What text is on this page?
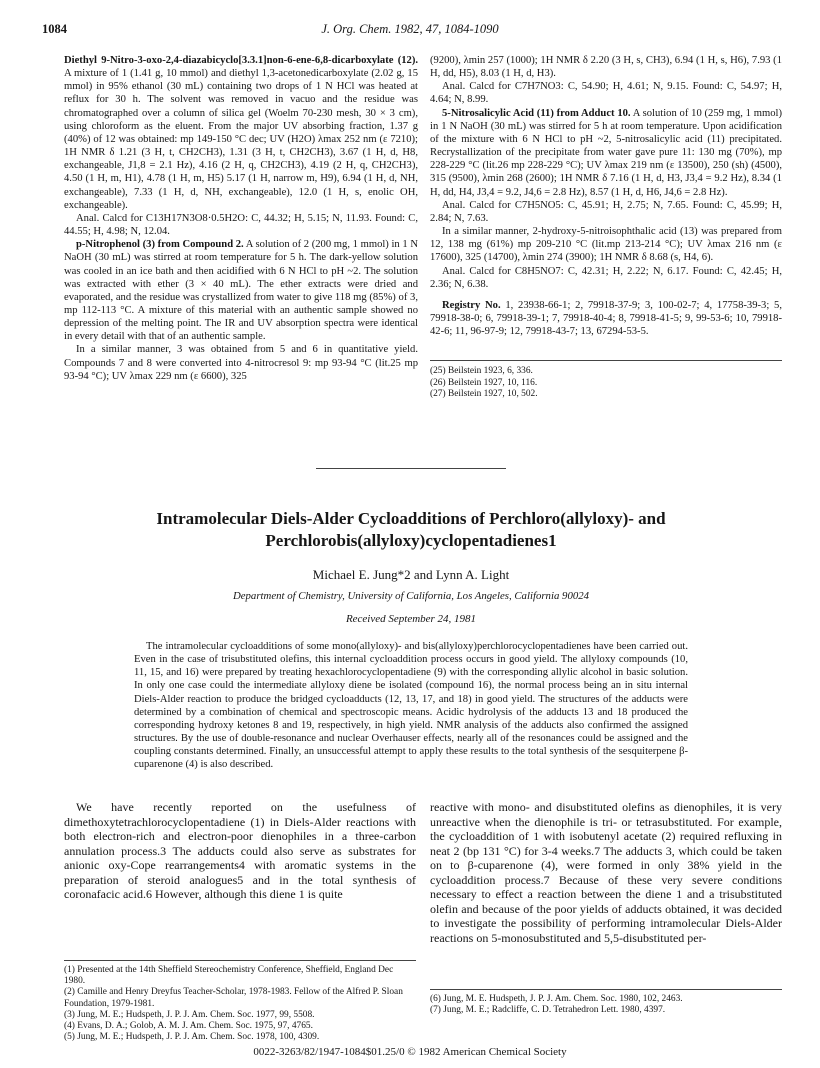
1084	J. Org. Chem. 1982, 47, 1084-1090

Diethyl 9-Nitro-3-oxo-2,4-diazabicyclo[3.3.1]non-6-ene-6,8-dicarboxylate (12). A mixture of 1 (1.41 g, 10 mmol) and diethyl 1,3-acetonedicarboxylate (2.02 g, 15 mmol) in 95% ethanol (30 mL) containing two drops of 1 N HCl was heated at reflux for 30 h. The solvent was removed in vacuo and the residue was chromatographed over a column of silica gel (Woelm 70-230 mesh, 30 × 3 cm), using chloroform as the eluent. From the major UV absorbing fraction, 1.37 g (40%) of 12 was obtained: mp 149-150 °C dec; UV (H2O) λmax 252 nm (ε 7210); 1H NMR δ 1.21 (3 H, t, CH2CH3), 1.31 (3 H, t, CH2CH3), 3.67 (1 H, d, H8, exchangeable, J1,8 = 2.1 Hz), 4.16 (2 H, q, CH2CH3), 4.19 (2 H, q, CH2CH3), 4.50 (1 H, m, H1), 4.78 (1 H, m, H5) 5.17 (1 H, narrow m, H9), 6.94 (1 H, d, NH, exchangeable), 7.33 (1 H, d, NH, exchangeable), 12.0 (1 H, s, enolic OH, exchangeable).

Anal. Calcd for C13H17N3O8·0.5H2O: C, 44.32; H, 5.15; N, 11.93. Found: C, 44.55; H, 4.98; N, 12.04.

p-Nitrophenol (3) from Compound 2. A solution of 2 (200 mg, 1 mmol) in 1 N NaOH (30 mL) was stirred at room temperature for 5 h. The dark-yellow solution was cooled in an ice bath and then acidified with 6 N HCl to pH ~2. The solution was extracted with ether (3 × 40 mL). The ether extracts were dried and evaporated, and the residue was crystallized from water to give 118 mg (85%) of 3, mp 112-113 °C. A mixture of this material with an authentic sample showed no depression of the melting point. The IR and UV absorption spectra were identical in every detail with that of an authentic sample.

In a similar manner, 3 was obtained from 5 and 6 in quantitative yield. Compounds 7 and 8 were converted into 4-nitrocresol 9: mp 93-94 °C (lit.25 mp 93-94 °C); UV λmax 229 nm (ε 6600), 325

(9200), λmin 257 (1000); 1H NMR δ 2.20 (3 H, s, CH3), 6.94 (1 H, s, H6), 7.93 (1 H, dd, H5), 8.03 (1 H, d, H3).

Anal. Calcd for C7H7NO3: C, 54.90; H, 4.61; N, 9.15. Found: C, 54.97; H, 4.64; N, 8.99.

5-Nitrosalicylic Acid (11) from Adduct 10. A solution of 10 (259 mg, 1 mmol) in 1 N NaOH (30 mL) was stirred for 5 h at room temperature. Upon acidification of the mixture with 6 N HCl to pH ~2, 5-nitrosalicylic acid (11) precipitated. Recrystallization of the precipitate from water gave pure 11: 130 mg (70%), mp 228-229 °C (lit.26 mp 228-229 °C); UV λmax 219 nm (ε 13500), 250 (sh) (4500), 315 (9500), λmin 268 (2600); 1H NMR δ 7.16 (1 H, d, H3, J3,4 = 9.2 Hz), 8.34 (1 H, dd, H4, J3,4 = 9.2, J4,6 = 2.8 Hz), 8.57 (1 H, d, H6, J4,6 = 2.8 Hz).

Anal. Calcd for C7H5NO5: C, 45.91; H, 2.75; N, 7.65. Found: C, 45.99; H, 2.84; N, 7.63.

In a similar manner, 2-hydroxy-5-nitroisophthalic acid (13) was prepared from 12, 138 mg (61%) mp 209-210 °C (lit.mp 213-214 °C); UV λmax 216 nm (ε 17600), 325 (14700), λmin 274 (3900); 1H NMR δ 8.68 (s, H4, 6).

Anal. Calcd for C8H5NO7: C, 42.31; H, 2.22; N, 6.17. Found: C, 42.45; H, 2.36; N, 6.38.

Registry No. 1, 23938-66-1; 2, 79918-37-9; 3, 100-02-7; 4, 17758-39-3; 5, 79918-38-0; 6, 79918-39-1; 7, 79918-40-4; 8, 79918-41-5; 9, 99-53-6; 10, 79918-42-6; 11, 96-97-9; 12, 79918-43-7; 13, 67294-53-5.

(25) Beilstein 1923, 6, 336.
(26) Beilstein 1927, 10, 116.
(27) Beilstein 1927, 10, 502.
Intramolecular Diels-Alder Cycloadditions of Perchloro(allyloxy)- and Perchlorobis(allyloxy)cyclopentadienes1
Michael E. Jung*2 and Lynn A. Light
Department of Chemistry, University of California, Los Angeles, California 90024
Received September 24, 1981
The intramolecular cycloadditions of some mono(allyloxy)- and bis(allyloxy)perchlorocyclopentadienes have been carried out. Even in the case of trisubstituted olefins, this internal cycloaddition process occurs in good yield. The allyloxy compounds (10, 11, 15, and 16) were prepared by treating hexachlorocyclopentadiene (9) with the corresponding allylic alcohol in basic solution. In only one case could the intermediate allyloxy diene be isolated (compound 16), the normal process being an in situ internal Diels-Alder reaction to produce the bridged cycloadducts (12, 13, 17, and 18) in good yield. The structures of the adducts were determined by a combination of chemical and spectroscopic means. Acidic hydrolysis of the adducts 13 and 18 produced the corresponding hydroxy ketones 8 and 19, respectively, in high yield. NMR analysis of the adducts also confirmed the assigned structures. By the use of double-resonance and nuclear Overhauser effects, nearly all of the resonances could be assigned and the coupling constants determined. Finally, an unsuccessful attempt to apply these results to the total synthesis of the sesquiterpene β-cuparenone (4) is also described.

We have recently reported on the usefulness of dimethoxytetrachlorocyclopentadiene (1) in Diels-Alder reactions with both electron-rich and electron-poor dienophiles in a three-carbon annulation process.3 The adducts could also serve as substrates for anionic oxy-Cope rearrangements4 with aromatic systems in the preparation of steroid analogues5 and in the total synthesis of coronafacic acid.6 However, although this diene 1 is quite

reactive with mono- and disubstituted olefins as dienophiles, it is very unreactive when the dienophile is tri- or tetrasubstituted. For example, the cycloaddition of 1 with isobutenyl acetate (2) required refluxing in neat 2 (bp 131 °C) for 3-4 weeks.7 The adducts 3, which could be taken on to β-cuparenone (4), were formed in only 38% yield in the cycloaddition process.7 Because of these very severe conditions necessary to effect a reaction between the diene 1 and a trisubstituted olefin and because of the poor yields of adducts obtained, it was decided to investigate the possibility of performing intramolecular Diels-Alder reactions on 5-monosubstituted and 5,5-disubstituted per-

(1) Presented at the 14th Sheffield Stereochemistry Conference, Sheffield, England Dec 1980.
(2) Camille and Henry Dreyfus Teacher-Scholar, 1978-1983. Fellow of the Alfred P. Sloan Foundation, 1979-1981.
(3) Jung, M. E.; Hudspeth, J. P. J. Am. Chem. Soc. 1977, 99, 5508.
(4) Evans, D. A.; Golob, A. M. J. Am. Chem. Soc. 1975, 97, 4765.
(5) Jung, M. E.; Hudspeth, J. P. J. Am. Chem. Soc. 1978, 100, 4309.
(6) Jung, M. E. Hudspeth, J. P. J. Am. Chem. Soc. 1980, 102, 2463.
(7) Jung, M. E.; Radcliffe, C. D. Tetrahedron Lett. 1980, 4397.
0022-3263/82/1947-1084$01.25/0 © 1982 American Chemical Society
